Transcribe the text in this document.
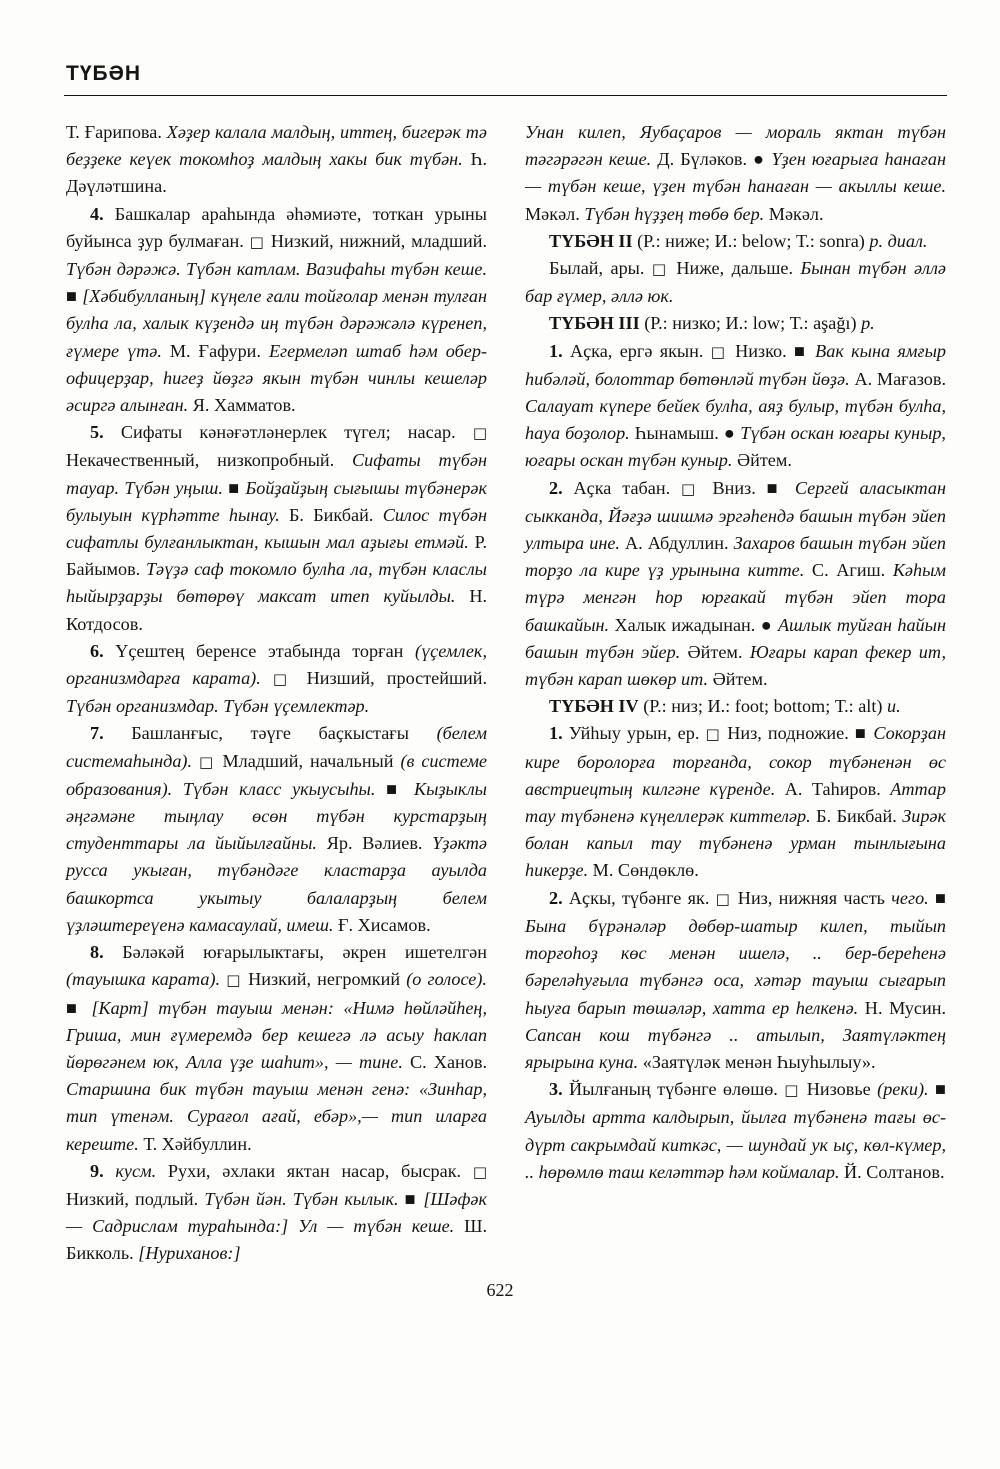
ТҮБӘН

Т. Ғарипова. Хәҙер калала малдың, иттең, бигерәк тә беҙҙеке кеүек токомһоҙ малдың хакы бик түбән. Һ. Дәүләтшина.

4. Башкалар араһында әһәмиәте, тоткан урыны буйынса ҙур булмаған. □ Низкий, нижний, младший. Түбән дәрәжә. Түбән катлам. Вазифаһы түбән кеше. ■ [Хәбибулланың] күңеле ғали тойғолар менән тулған булһа ла, халык күҙендә иң түбән дәрәжәлә күренеп, ғүмере үтә. М. Ғафури. Егермеләп штаб һәм обер-офицерҙар, һигеҙ йөҙгә якын түбән чинлы кешеләр әсиргә алынған. Я. Хамматов.

5. Сифаты кәнәғәтләнерлек түгел; насар. □ Некачественный, низкопробный. Сифаты түбән тауар. Түбән уңыш. ■ Бойҙайҙың сығышы түбәнерәк булыуын күрһәтте һынау. Б. Бикбай. Силос түбән сифатлы булғанлыктан, кышын мал аҙығы етмәй. Р. Байымов. Тәүҙә саф токомло булһа ла, түбән класлы һыйырҙарҙы бөтөрөү максат итеп куйылды. Н. Котдосов.

6. Үҫештең беренсе этабында торған (үҫемлек, организмдарға карата). □ Низший, простейший. Түбән организмдар. Түбән үҫемлектәр.

7. Башланғыс, тәүге баҫкыстағы (белем системаһында). □ Младший, начальный (в системе образования). Түбән класс укыусыһы. ■ Кыҙыклы әңгәмәне тыңлау өсөн түбән курстарҙың студенттары ла йыйылғайны. Яр. Вәлиев. Үҙәктә русса укыған, түбәндәге кластарҙа ауылда башкортса укытыу балаларҙың белем үҙләштереүенә камасаулай, имеш. Ғ. Хисамов.

8. Бәләкәй юғарылыктағы, әкрен ишетелгән (тауышка карата). □ Низкий, негромкий (о голосе). ■ [Карт] түбән тауыш менән: «Нимә һөйләйһең, Гриша, мин ғүмеремдә бер кешегә лә асыу һаклап йөрөгәнем юк, Алла үҙе шаһит», — тине. С. Ханов. Старшина бик түбән тауыш менән генә: «Зинһар, тип үтенәм. Сурағол ағай, ебәр»,— тип иларға кереште. Т. Хәйбуллин.

9. кусм. Рухи, әхлаки яктан насар, бысрак. □ Низкий, подлый. Түбән йән. Түбән кылык. ■ [Шәфәк — Садрислам тураһында:] Ул — түбән кеше. Ш. Бикколь. [Нуриханов:]

Унан килеп, Яубаҫаров — мораль яктан түбән тәгәрәгән кеше. Д. Бүләков. ● Үҙен юғарыға һанаған — түбән кеше, үҙен түбән һанаған — акыллы кеше. Мәкәл. Түбән һүҙҙең төбө бер. Мәкәл.

ТҮБӘН II (Р.: ниже; И.: below; Т.: sonra) р. диал.

Былай, ары. □ Ниже, дальше. Бынан түбән әллә бар ғүмер, әллә юк.

ТҮБӘН III (Р.: низко; И.: low; Т.: aşağı) р.

1. Аҫка, ергә якын. □ Низко. ■ Вак кына ямғыр һибәләй, болоттар бөтөнләй түбән йөҙә. А. Мағазов. Салауат күпере бейек булһа, аяҙ булыр, түбән булһа, һауа боҙолор. Һынамыш. ● Түбән оскан юғары куныр, юғары оскан түбән куныр. Әйтем.

2. Аҫка табан. □ Вниз. ■ Сергей аласыктан сыкканда, Йәғҙә шишмә эргәһендә башын түбән эйеп ултыра ине. А. Абдуллин. Захаров башын түбән эйеп торҙо ла кире үҙ урынына китте. С. Агиш. Кәһым түрә менгән һор юрғакай түбән эйеп тора башкайын. Халык ижадынан. ● Ашлык туйған һайын башын түбән эйер. Әйтем. Юғары карап фекер ит, түбән карап шөкөр ит. Әйтем.

ТҮБӘН IV (Р.: низ; И.: foot; bottom; Т.: alt) и.

1. Уйһыу урын, ер. □ Низ, подножие. ■ Сокорҙан кире боролорға торғанда, сокор түбәненән өс австриецтың килгәне күренде. А. Таһиров. Аттар тау түбәненә күңеллерәк киттеләр. Б. Бикбай. Зирәк болан капыл тау түбәненә урман тынлығына һикерҙе. М. Сөндөклө.

2. Аҫкы, түбәнге як. □ Низ, нижняя часть чего. ■ Бына бүрәнәләр дөбөр-шатыр килеп, тыйып торғоһоҙ көс менән ишелә, .. бер-береһенә бәреләһуғыла түбәнгә оса, хәтәр тауыш сығарып һыуға барып төшәләр, хатта ер һелкенә. Н. Мусин. Сапсан кош түбәнгә .. атылып, Заятүләктең ярырына куна. «Заятүләк менән Һыуһылыу».

3. Йылғаның түбәнге өлөшө. □ Низовье (реки). ■ Ауылды артта калдырып, йылға түбәненә тағы өс-дүрт сакрымдай киткәс, — шундай ук ыҫ, көл-күмер, .. һөрөмлө таш келәттәр һәм коймалар. Й. Солтанов.

622
